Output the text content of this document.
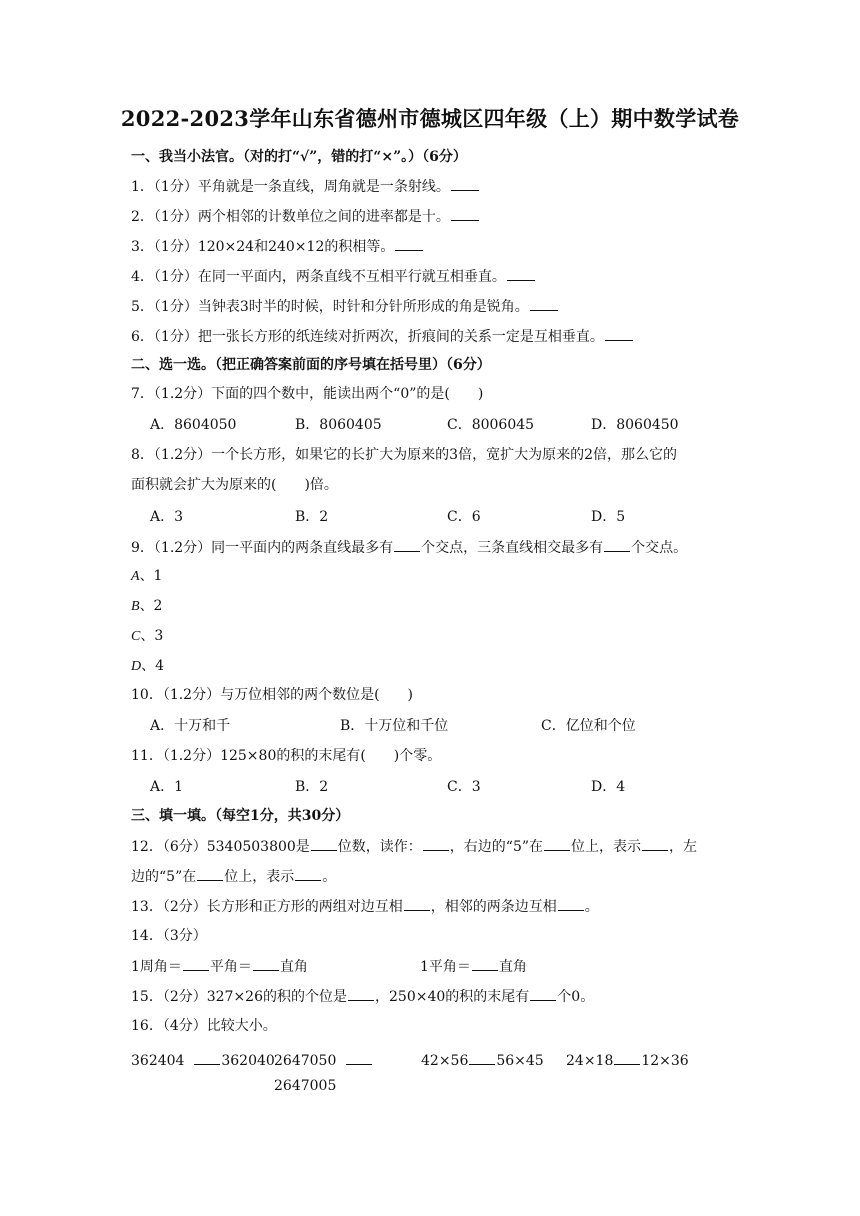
2022-2023学年山东省德州市德城区四年级（上）期中数学试卷
一、我当小法官。（对的打“√”，错的打“×”。）（6分）
1．（1分）平角就是一条直线，周角就是一条射线。
2．（1分）两个相邻的计数单位之间的进率都是十。
3．（1分）120×24和240×12的积相等。
4．（1分）在同一平面内，两条直线不互相平行就互相垂直。
5．（1分）当钟表3时半的时候，时针和分针所形成的角是锐角。
6．（1分）把一张长方形的纸连续对折两次，折痕间的关系一定是互相垂直。
二、选一选。（把正确答案前面的序号填在括号里）（6分）
7．（1.2分）下面的四个数中，能读出两个“0”的是(　　)
A．8604050	B．8060405	C．8006045	D．8060450
8．（1.2分）一个长方形，如果它的长扩大为原来的3倍，宽扩大为原来的2倍，那么它的
面积就会扩大为原来的(　　)倍。
A．3	B．2	C．6	D．5
9．（1.2分）同一平面内的两条直线最多有 个交点，三条直线相交最多有 个交点。
A、1
B、2
C、3
D、4
10．（1.2分）与万位相邻的两个数位是(　　)
A．十万和千	B．十万位和千位	C．亿位和个位
11．（1.2分）125×80的积的末尾有(　　)个零。
A．1	B．2	C．3	D．4
三、填一填。（每空1分，共30分）
12．（6分）5340503800是 位数，读作： ，右边的“5”在 位上，表示 ，左
边的“5”在 位上，表示 。
13．（2分）长方形和正方形的两组对边互相 ，相邻的两条边互相 。
14．（3分）
1周角＝ 平角＝ 直角	1平角＝ 直角
15．（2分）327×26的积的个位是 ，250×40的积的末尾有 个0。
16．（4分）比较大小。
362404	362040 2647050
2647005
42×56 56×45 24×18 12×36
